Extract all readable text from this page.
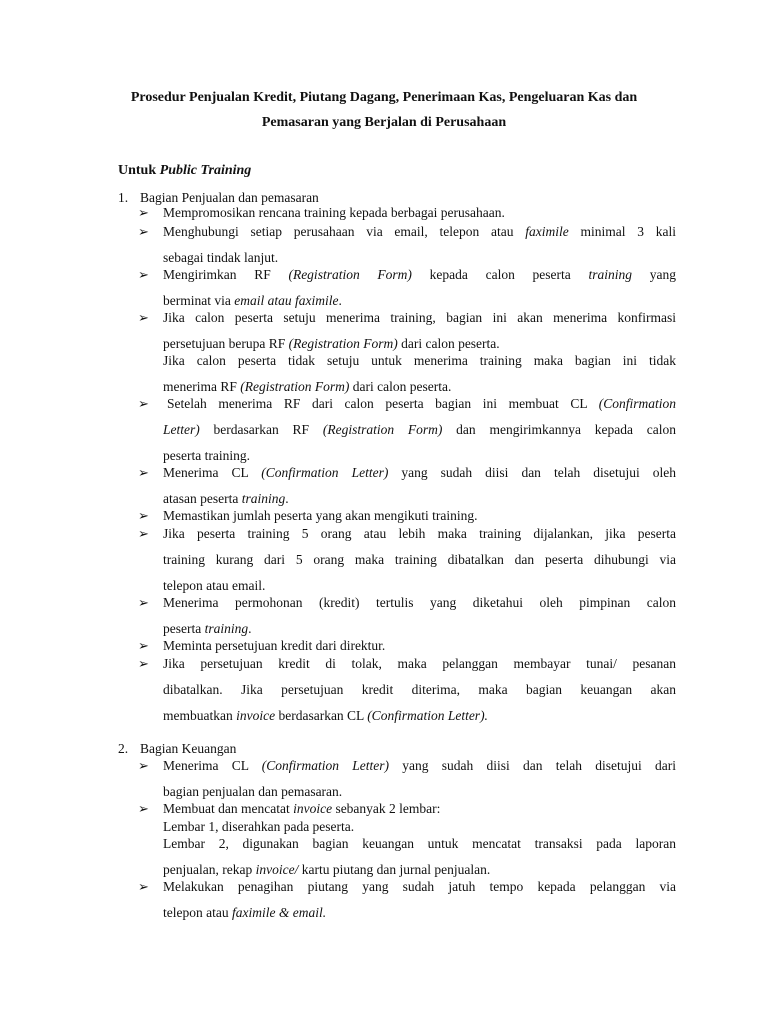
Prosedur Penjualan Kredit, Piutang Dagang, Penerimaan Kas, Pengeluaran Kas dan
Pemasaran yang Berjalan di Perusahaan
Untuk Public Training
1. Bagian Penjualan dan pemasaran
➢ Mempromosikan rencana training kepada berbagai perusahaan.
➢ Menghubungi setiap perusahaan via email, telepon atau faximile minimal 3 kali
sebagai tindak lanjut.
➢ Mengirimkan RF (Registration Form) kepada calon peserta training yang
berminat via email atau faximile.
➢ Jika calon peserta setuju menerima training, bagian ini akan menerima konfirmasi
persetujuan berupa RF (Registration Form) dari calon peserta.
Jika calon peserta tidak setuju untuk menerima training maka bagian ini tidak
menerima RF (Registration Form) dari calon peserta.
➢ Setelah menerima RF dari calon peserta bagian ini membuat CL (Confirmation
Letter) berdasarkan RF (Registration Form) dan mengirimkannya kepada calon
peserta training.
➢ Menerima CL (Confirmation Letter) yang sudah diisi dan telah disetujui oleh
atasan peserta training.
➢ Memastikan jumlah peserta yang akan mengikuti training.
➢ Jika peserta training 5 orang atau lebih maka training dijalankan, jika peserta
training kurang dari 5 orang maka training dibatalkan dan peserta dihubungi via
telepon atau email.
➢ Menerima permohonan (kredit) tertulis yang diketahui oleh pimpinan calon
peserta training.
➢ Meminta persetujuan kredit dari direktur.
➢ Jika persetujuan kredit di tolak, maka pelanggan membayar tunai/ pesanan
dibatalkan. Jika persetujuan kredit diterima, maka bagian keuangan akan
membuatkan invoice berdasarkan CL (Confirmation Letter).
2. Bagian Keuangan
➢ Menerima CL (Confirmation Letter) yang sudah diisi dan telah disetujui dari
bagian penjualan dan pemasaran.
➢ Membuat dan mencatat invoice sebanyak 2 lembar:
Lembar 1, diserahkan pada peserta.
Lembar 2, digunakan bagian keuangan untuk mencatat transaksi pada laporan
penjualan, rekap invoice/ kartu piutang dan jurnal penjualan.
➢ Melakukan penagihan piutang yang sudah jatuh tempo kepada pelanggan via
telepon atau faximile & email.
